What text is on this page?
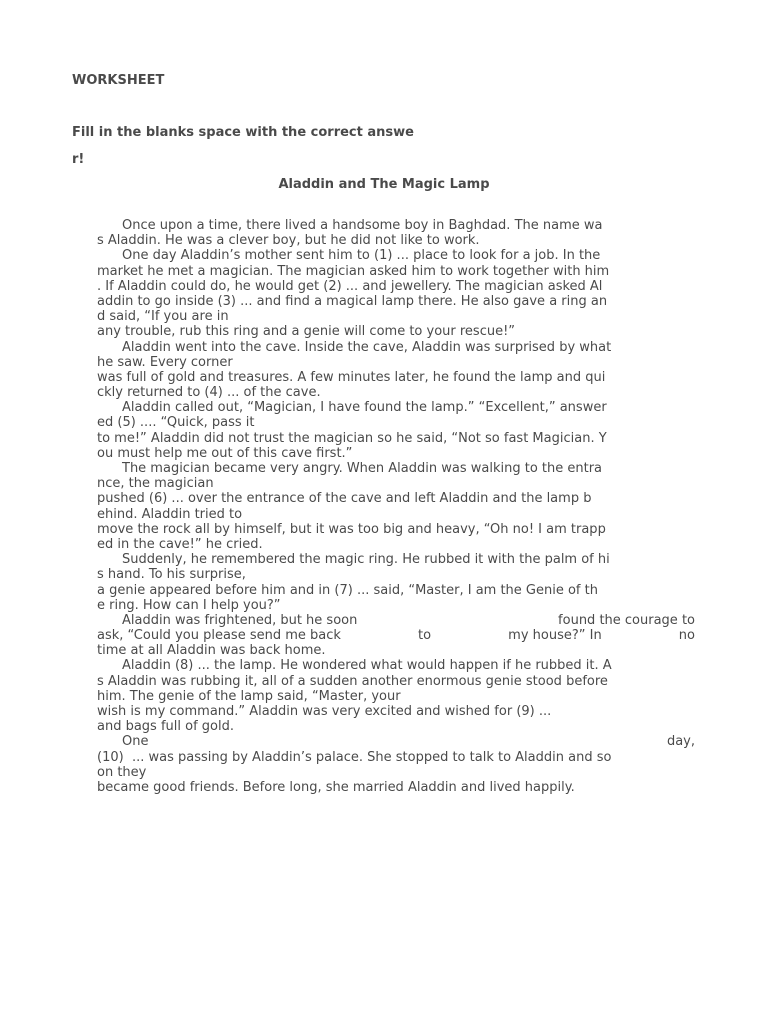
WORKSHEET
Fill in the blanks space with the correct answe
r!
Aladdin and The Magic Lamp
Once upon a time, there lived a handsome boy in Baghdad. The name wa
s Aladdin. He was a clever boy, but he did not like to work.
One day Aladdin’s mother sent him to (1) ... place to look for a job. In the
market he met a magician. The magician asked him to work together with him
. If Aladdin could do, he would get (2) ... and jewellery. The magician asked Al
addin to go inside (3) ... and find a magical lamp there. He also gave a ring an
d said, “If you are in
any trouble, rub this ring and a genie will come to your rescue!”
Aladdin went into the cave. Inside the cave, Aladdin was surprised by what
he saw. Every corner
was full of gold and treasures. A few minutes later, he found the lamp and qui
ckly returned to (4) ... of the cave.
Aladdin called out, “Magician, I have found the lamp.” “Excellent,” answer
ed (5) .... “Quick, pass it
to me!” Aladdin did not trust the magician so he said, “Not so fast Magician. Y
ou must help me out of this cave first.”
The magician became very angry. When Aladdin was walking to the entra
nce, the magician
pushed (6) ... over the entrance of the cave and left Aladdin and the lamp b
ehind. Aladdin tried to
move the rock all by himself, but it was too big and heavy, “Oh no! I am trapp
ed in the cave!” he cried.
Suddenly, he remembered the magic ring. He rubbed it with the palm of hi
s hand. To his surprise,
a genie appeared before him and in (7) ... said, “Master, I am the Genie of th
e ring. How can I help you?”
Aladdin was frightened, but he soon	found the courage to
ask, “Could you please send me back	to	my house?” In	no
time at all Aladdin was back home.
Aladdin (8) ... the lamp. He wondered what would happen if he rubbed it. A
s Aladdin was rubbing it, all of a sudden another enormous genie stood before
him. The genie of the lamp said, “Master, your
wish is my command.” Aladdin was very excited and wished for (9) ...
and bags full of gold.
One	day,
(10)  ... was passing by Aladdin’s palace. She stopped to talk to Aladdin and so
on they
became good friends. Before long, she married Aladdin and lived happily.
